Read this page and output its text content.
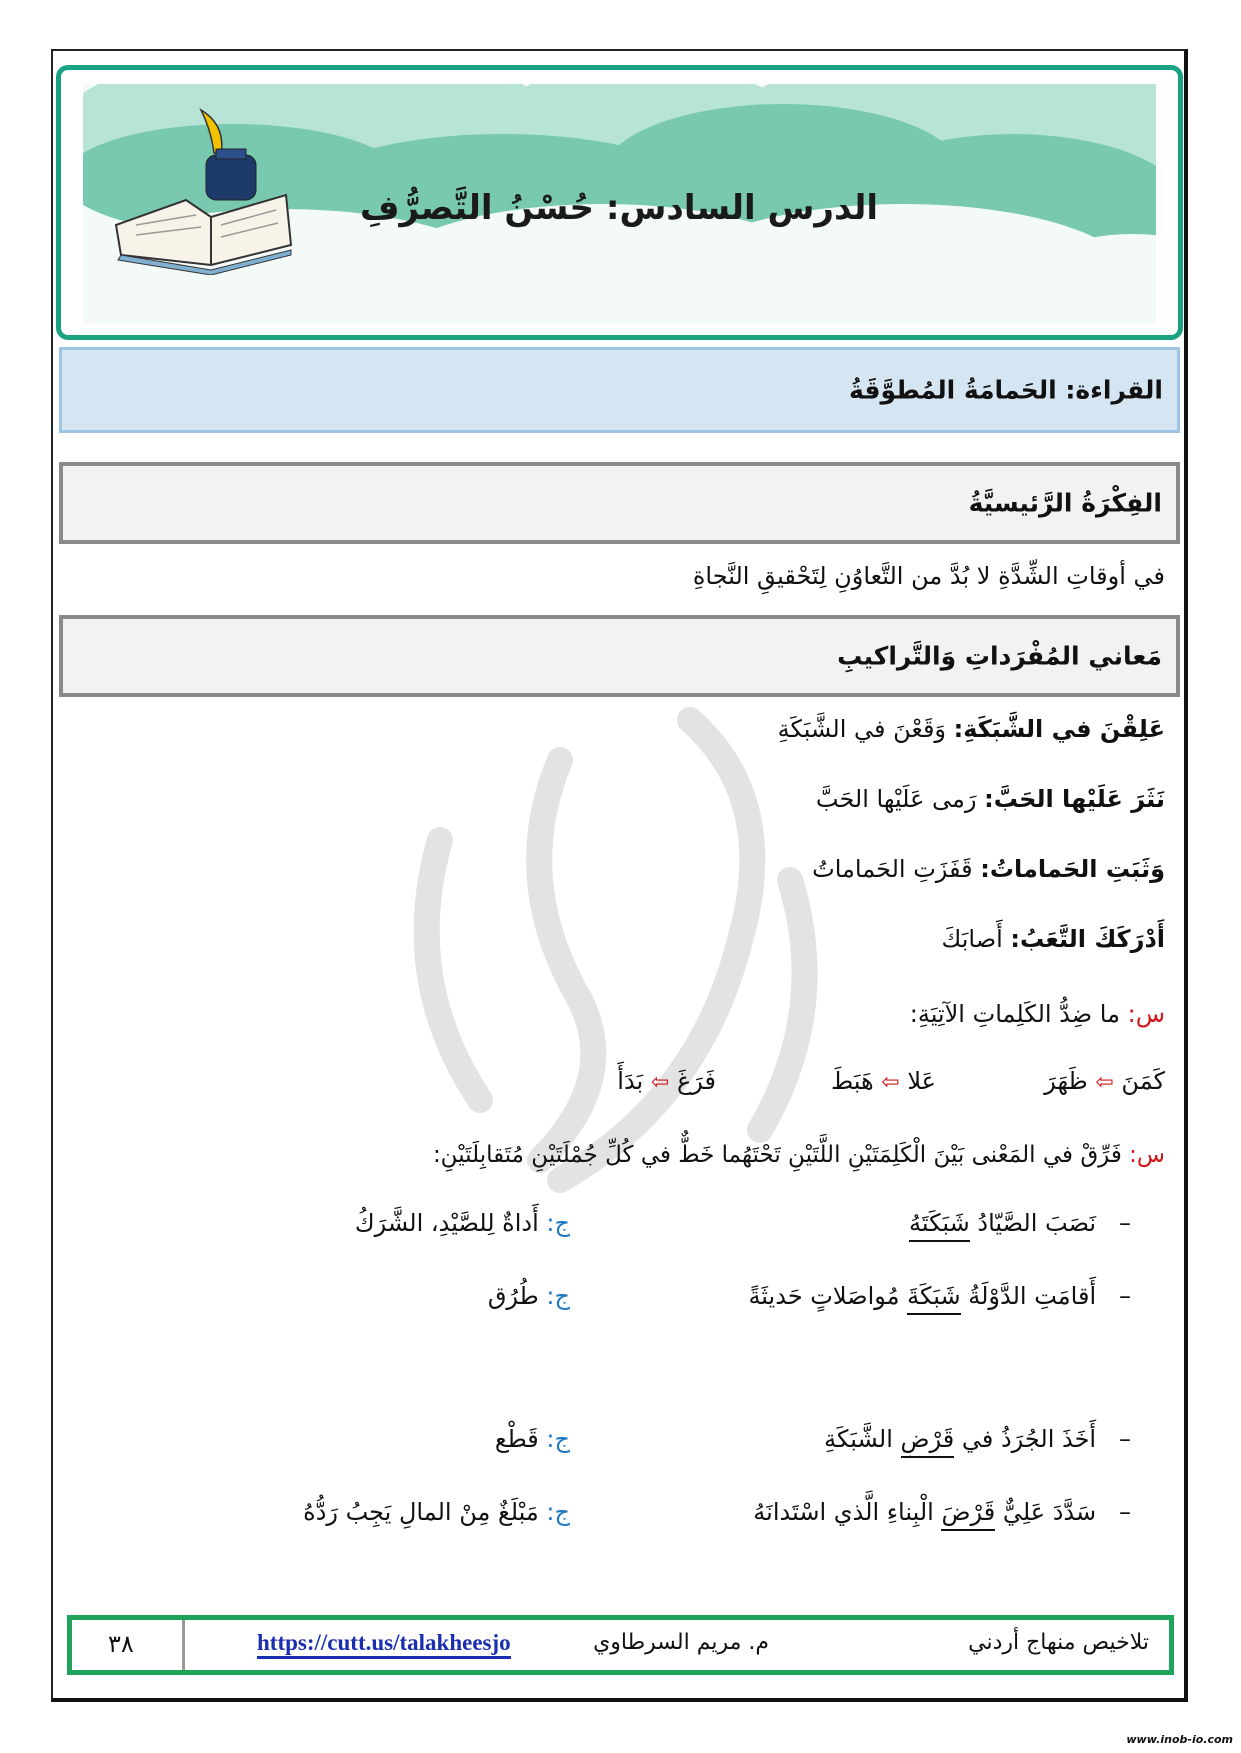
الدرس السادس: حُسْنُ التَّصرُّفِ
القراءة: الحَمامَةُ المُطوَّقَةُ
الفِكْرَةُ الرَّئيسيَّةُ
في أوقاتِ الشِّدَّةِ لا بُدَّ من التَّعاوُنِ لِتَحْقيقِ النَّجاةِ
مَعاني المُفْرَداتِ وَالتَّراكيبِ
عَلِقْنَ في الشَّبَكَةِ: وَقَعْنَ في الشَّبَكَةِ
نَثَرَ عَلَيْها الحَبَّ: رَمى عَلَيْها الحَبَّ
وَثَبَتِ الحَماماتُ: قَفَزَتِ الحَماماتُ
أَدْرَكَكَ التَّعَبُ: أَصابَكَ
س: ما ضِدُّ الكَلِماتِ الآتِيَةِ:
كَمَنَ ⇦ ظَهَرَ
عَلا ⇦ هَبَطَ
فَرَغَ ⇦ بَدَأَ
س: فَرِّقْ في المَعْنى بَيْنَ الْكَلِمَتَيْنِ اللَّتَيْنِ تَحْتَهُما خَطٌّ في كُلِّ جُمْلَتَيْنِ مُتَقابِلَتَيْنِ:
–   نَصَبَ الصَّيّادُ شَبَكَتَهُ
ج: أَداةٌ لِلصَّيْدِ، الشَّرَكُ
–   أَقامَتِ الدَّوْلَةُ شَبَكَةَ مُواصَلاتٍ حَديثَةً
ج: طُرُق
–   أَخَذَ الجُرَذُ في قَرْضِ الشَّبَكَةِ
ج: قَطْع
–   سَدَّدَ عَلِيٌّ قَرْضَ الْبِناءِ الَّذي اسْتَدانَهُ
ج: مَبْلَغٌ مِنْ المالِ يَجِبُ رَدُّهُ
٣٨	https://cutt.us/talakheesjo	م. مريم السرطاوي	تلاخيص منهاج أردني
www.inob-io.com
